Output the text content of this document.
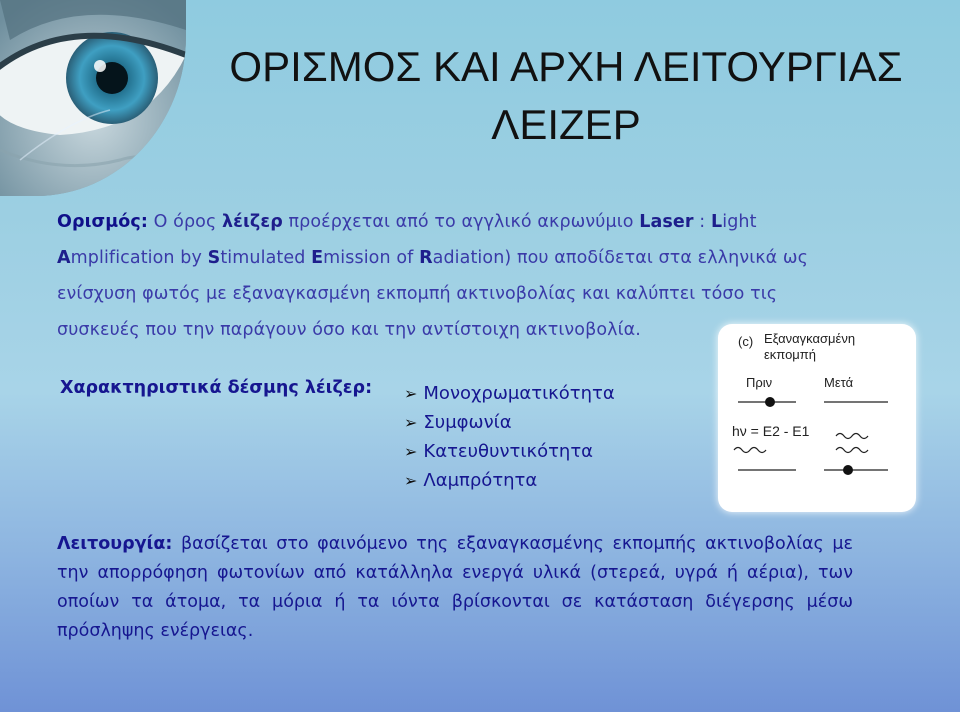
ΟΡΙΣΜΟΣ ΚΑΙ ΑΡΧΗ ΛΕΙΤΟΥΡΓΙΑΣ
ΛΕΙΖΕΡ
Ορισμός: Ο όρος λέιζερ προέρχεται από το αγγλικό ακρωνύμιο Laser : Light
Amplification by Stimulated Emission of Radiation) που αποδίδεται στα ελληνικά ως ενίσχυση φωτός με εξαναγκασμένη εκπομπή ακτινοβολίας και καλύπτει τόσο τις συσκευές που την παράγουν όσο και την αντίστοιχη ακτινοβολία.
Χαρακτηριστικά δέσμης λέιζερ: ➢ Μονοχρωματικότητα
➢ Συμφωνία
➢ Κατευθυντικότητα
➢ Λαμπρότητα
(c) Εξαναγκασμένη
εκπομπή
Πριν	Μετά
hν = E2 - E1
Λειτουργία: βασίζεται στο φαινόμενο της εξαναγκασμένης εκπομπής ακτινοβολίας με την απορρόφηση φωτονίων από κατάλληλα ενεργά υλικά (στερεά, υγρά ή αέρια), των οποίων τα άτομα, τα μόρια ή τα ιόντα βρίσκονται σε κατάσταση διέγερσης μέσω πρόσληψης ενέργειας.
